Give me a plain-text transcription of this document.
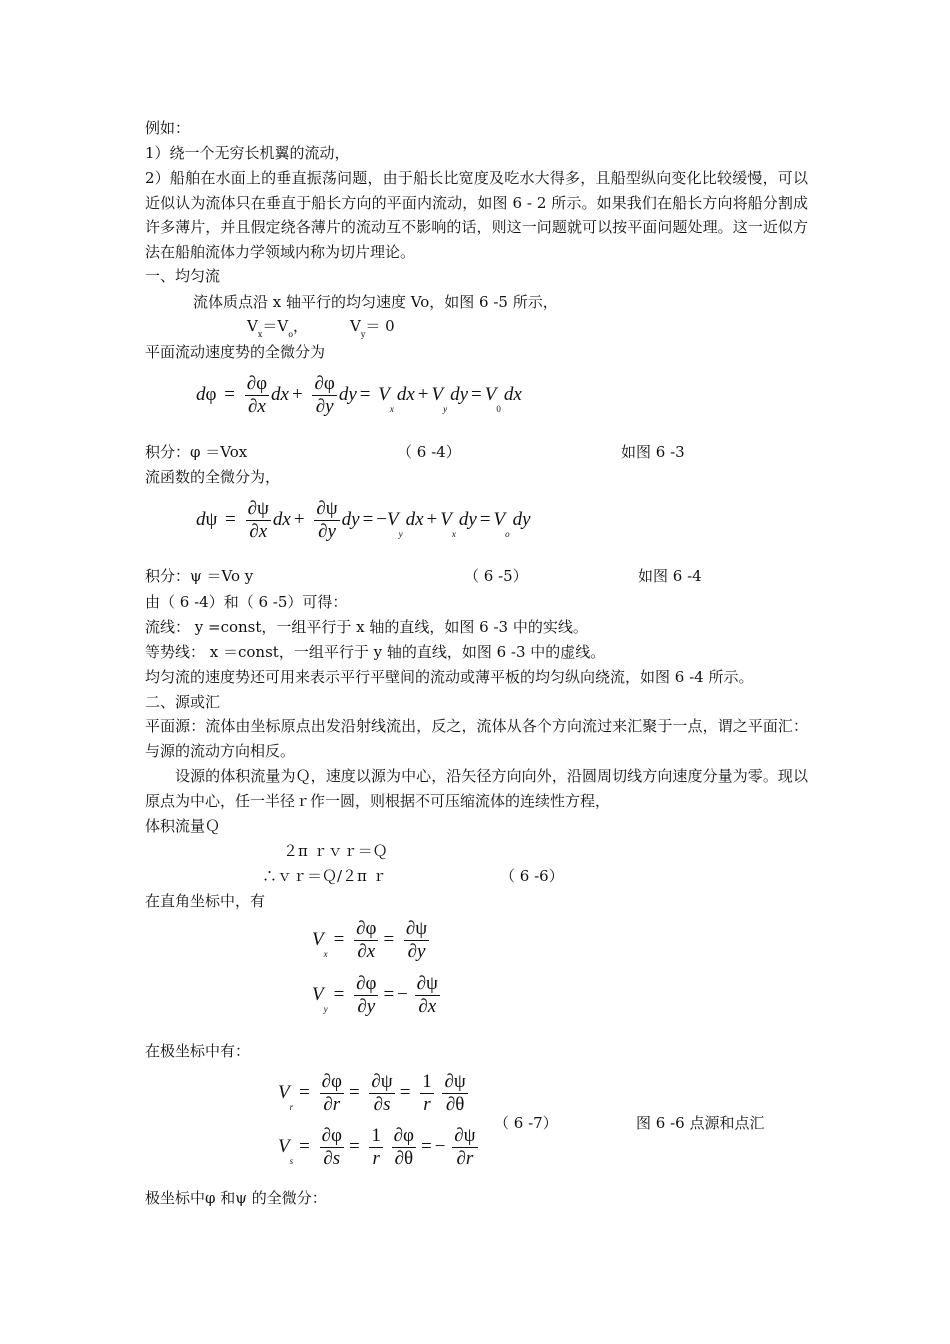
例如：
1）绕一个无穷长机翼的流动，
2）船舶在水面上的垂直振荡问题，由于船长比宽度及吃水大得多，且船型纵向变化比较缓慢，可以近似认为流体只在垂直于船长方向的平面内流动，如图 6 - 2 所示。如果我们在船长方向将船分割成许多薄片，并且假定绕各薄片的流动互不影响的话，则这一问题就可以按平面问题处理。这一近似方法在船舶流体力学领域内称为切片理论。
一、均匀流
流体质点沿 x 轴平行的均匀速度 Vo，如图 6 -5 所示，
$V_x=V_o$，	$V_y= 0$
平面流动速度势的全微分为
$d\varphi = \frac{\partial\varphi}{\partial x}$ dx + $\frac{\partial\varphi}{\partial y}$ dy = $V_xdx + V_ydy = V_0dx$
积分：φ ＝Vox	（ 6 -4）	如图 6 -3
流函数的全微分为，
$d\psi = \frac{\partial\psi}{\partial x}$ dx + $\frac{\partial\psi}{\partial y}$ dy = $-V_ydx + V_xdy = V_ody$
积分：ψ ＝Vo y	（ 6 -5）	如图 6 -4
由（ 6 -4）和（ 6 -5）可得：
流线： y =const，一组平行于 x 轴的直线，如图 6 -3 中的实线。
等势线： x ＝const，一组平行于 y 轴的直线，如图 6 -3 中的虚线。
均匀流的速度势还可用来表示平行平壁间的流动或薄平板的均匀纵向绕流，如图 6 -4 所示。
二、源或汇
平面源：流体由坐标原点出发沿射线流出，反之，流体从各个方向流过来汇聚于一点，谓之平面汇：与源的流动方向相反。
设源的体积流量为Ｑ，速度以源为中心，沿矢径方向向外，沿圆周切线方向速度分量为零。现以原点为中心，任一半径ｒ作一圆，则根据不可压缩流体的连续性方程，
体积流量Ｑ
２π ｒｖｒ＝Ｑ
∴ｖｒ＝Ｑ/２π ｒ	（ 6 -6）
在直角坐标中，有
$V_x= \frac{\partial\varphi}{\partial x} = \frac{\partial\psi}{\partial y}$
$V_y= \frac{\partial\varphi}{\partial y}$ = − $\frac{\partial\psi}{\partial x}$
在极坐标中有：
$V_r= \frac{\partial\varphi}{\partial r} = \frac{\partial\psi}{\partial s} = \frac{1}{r}$
$\frac{\partial\psi}{\partial\theta}$
$V_s= \frac{\partial\varphi}{\partial s} = \frac{1}{r}$
$\frac{\partial\varphi}{\partial\theta}$ = − $\frac{\partial\psi}{\partial r}$
（ 6 -7）	图 6 -6 点源和点汇
极坐标中φ 和ψ 的全微分：
